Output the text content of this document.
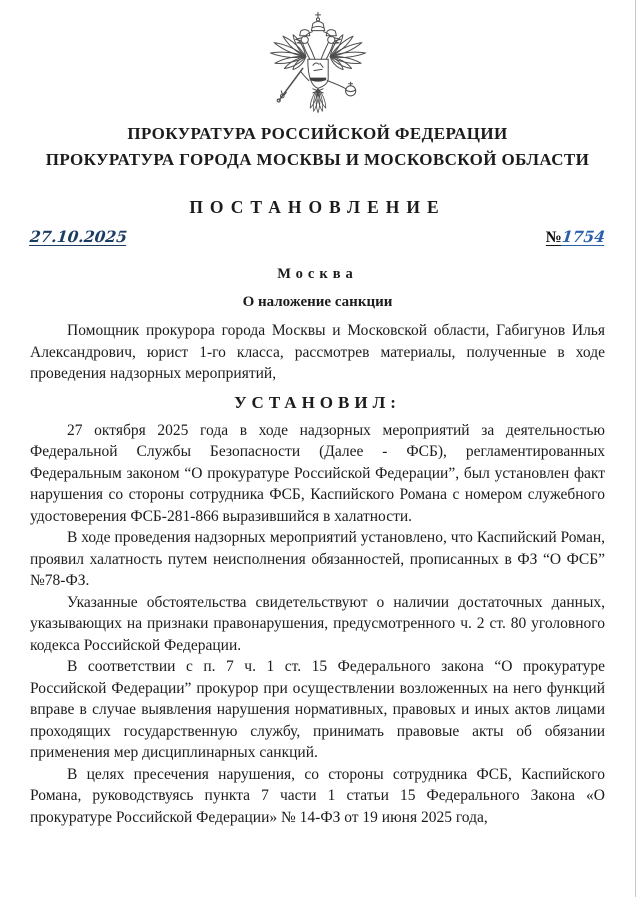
ПРОКУРАТУРА РОССИЙСКОЙ ФЕДЕРАЦИИ

ПРОКУРАТУРА ГОРОДА МОСКВЫ И МОСКОВСКОЙ ОБЛАСТИ

ПОСТАНОВЛЕНИЕ
27.10.2025	№1754
Москва
О наложение санкции

Помощник прокурора города Москвы и Московской области, Габигунов Илья Александрович, юрист 1-го класса, рассмотрев материалы, полученные в ходе проведения надзорных мероприятий,

УСТАНОВИЛ:

27 октября 2025 года в ходе надзорных мероприятий за деятельностью Федеральной Службы Безопасности (Далее - ФСБ), регламентированных Федеральным законом “О прокуратуре Российской Федерации”, был установлен факт нарушения со стороны сотрудника ФСБ, Каспийского Романа с номером служебного удостоверения ФСБ-281-866 выразившийся в халатности.

В ходе проведения надзорных мероприятий установлено, что Каспийский Роман, проявил халатность путем неисполнения обязанностей, прописанных в ФЗ “О ФСБ” №78-ФЗ.

Указанные обстоятельства свидетельствуют о наличии достаточных данных, указывающих на признаки правонарушения, предусмотренного ч. 2 ст. 80 уголовного кодекса Российской Федерации.

В соответствии с п. 7 ч. 1 ст. 15 Федерального закона “О прокуратуре Российской Федерации” прокурор при осуществлении возложенных на него функций вправе в случае выявления нарушения нормативных, правовых и иных актов лицами проходящих государственную службу, принимать правовые акты об обязании применения мер дисциплинарных санкций.

В целях пресечения нарушения, со стороны сотрудника ФСБ, Каспийского Романа, руководствуясь пункта 7 части 1 статьи 15 Федерального Закона «О прокуратуре Российской Федерации» № 14-ФЗ от 19 июня 2025 года,
